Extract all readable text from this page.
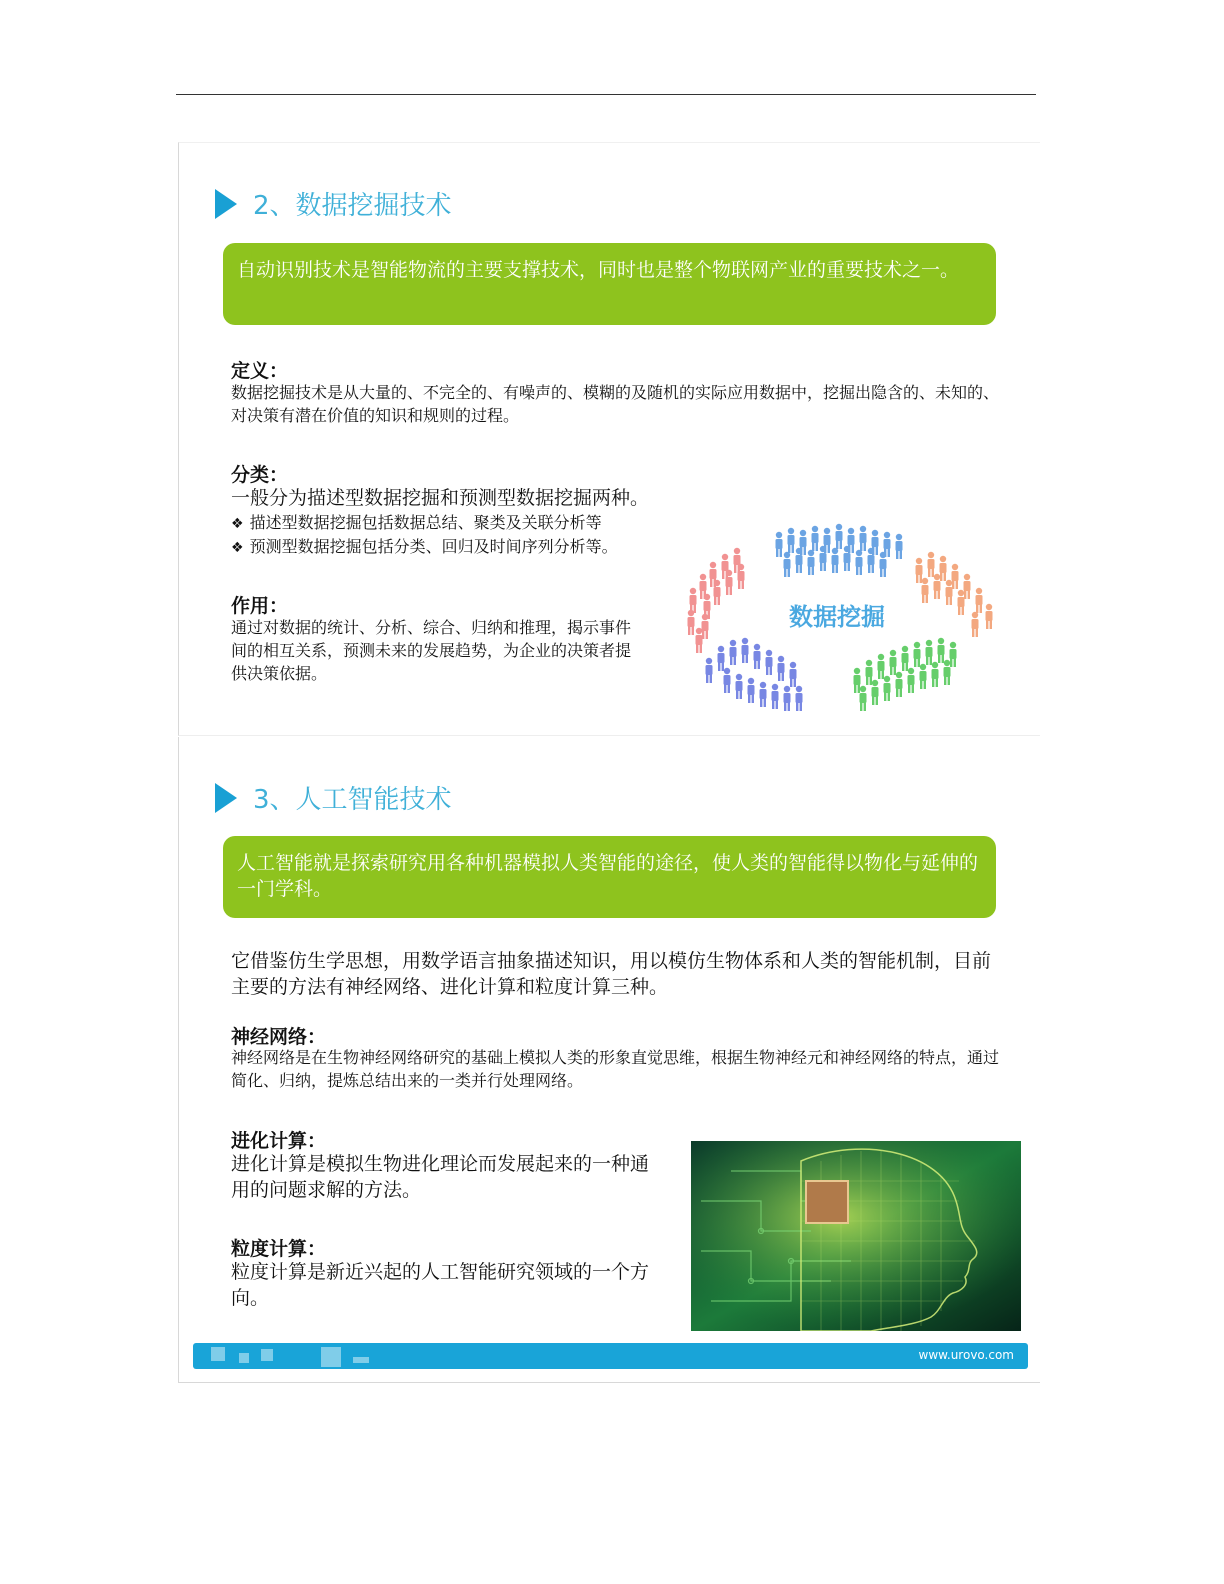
2、数据挖掘技术
自动识别技术是智能物流的主要支撑技术，同时也是整个物联网产业的重要技术之一。
定义：
数据挖掘技术是从大量的、不完全的、有噪声的、模糊的及随机的实际应用数据中，挖掘出隐含的、未知的、对决策有潜在价值的知识和规则的过程。
分类：
一般分为描述型数据挖掘和预测型数据挖掘两种。
❖ 描述型数据挖掘包括数据总结、聚类及关联分析等
❖ 预测型数据挖掘包括分类、回归及时间序列分析等。
作用：
通过对数据的统计、分析、综合、归纳和推理，揭示事件间的相互关系，预测未来的发展趋势，为企业的决策者提供决策依据。
数据挖掘
3、人工智能技术
人工智能就是探索研究用各种机器模拟人类智能的途径，使人类的智能得以物化与延伸的一门学科。
它借鉴仿生学思想，用数学语言抽象描述知识，用以模仿生物体系和人类的智能机制，目前主要的方法有神经网络、进化计算和粒度计算三种。
神经网络：
神经网络是在生物神经网络研究的基础上模拟人类的形象直觉思维，根据生物神经元和神经网络的特点，通过简化、归纳，提炼总结出来的一类并行处理网络。
进化计算：
进化计算是模拟生物进化理论而发展起来的一种通用的问题求解的方法。
粒度计算：
粒度计算是新近兴起的人工智能研究领域的一个方向。
www.urovo.com
